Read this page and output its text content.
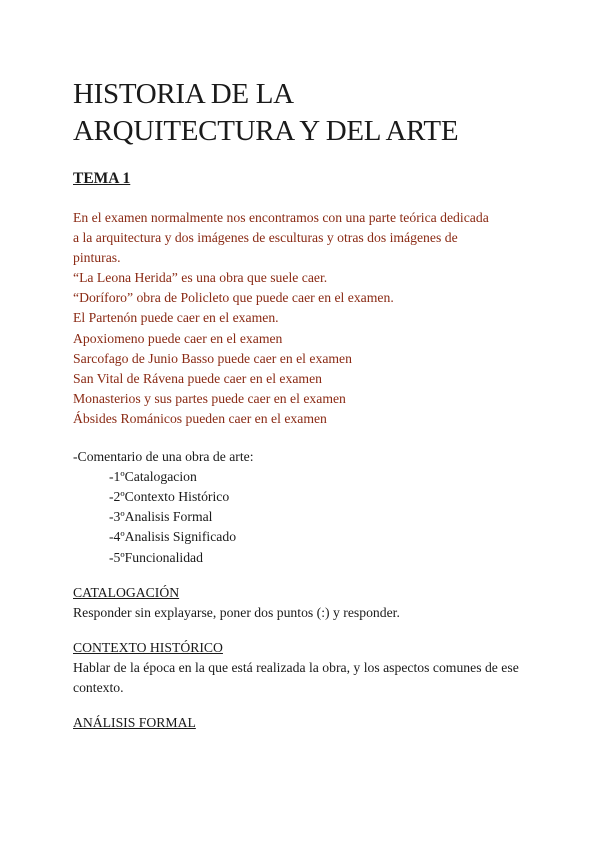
HISTORIA DE LA
ARQUITECTURA Y DEL ARTE
TEMA 1

En el examen normalmente nos encontramos con una parte teórica dedicada a la arquitectura y dos imágenes de esculturas y otras dos imágenes de pinturas.

“La Leona Herida” es una obra que suele caer.

“Doríforo” obra de Policleto que puede caer en el examen.

El Partenón puede caer en el examen.

Apoxiomeno puede caer en el examen

Sarcofago de Junio Basso puede caer en el examen

San Vital de Rávena puede caer en el examen

Monasterios y sus partes puede caer en el examen

Ábsides Románicos pueden caer en el examen

-Comentario de una obra de arte:

-1ºCatalogacion

-2ºContexto Histórico

-3ºAnalisis Formal

-4ºAnalisis Significado

-5ºFuncionalidad

CATALOGACIÓN
Responder sin explayarse, poner dos puntos (:) y responder.
CONTEXTO HISTÓRICO
Hablar de la época en la que está realizada la obra, y los aspectos comunes de ese contexto.
ANÁLISIS FORMAL
